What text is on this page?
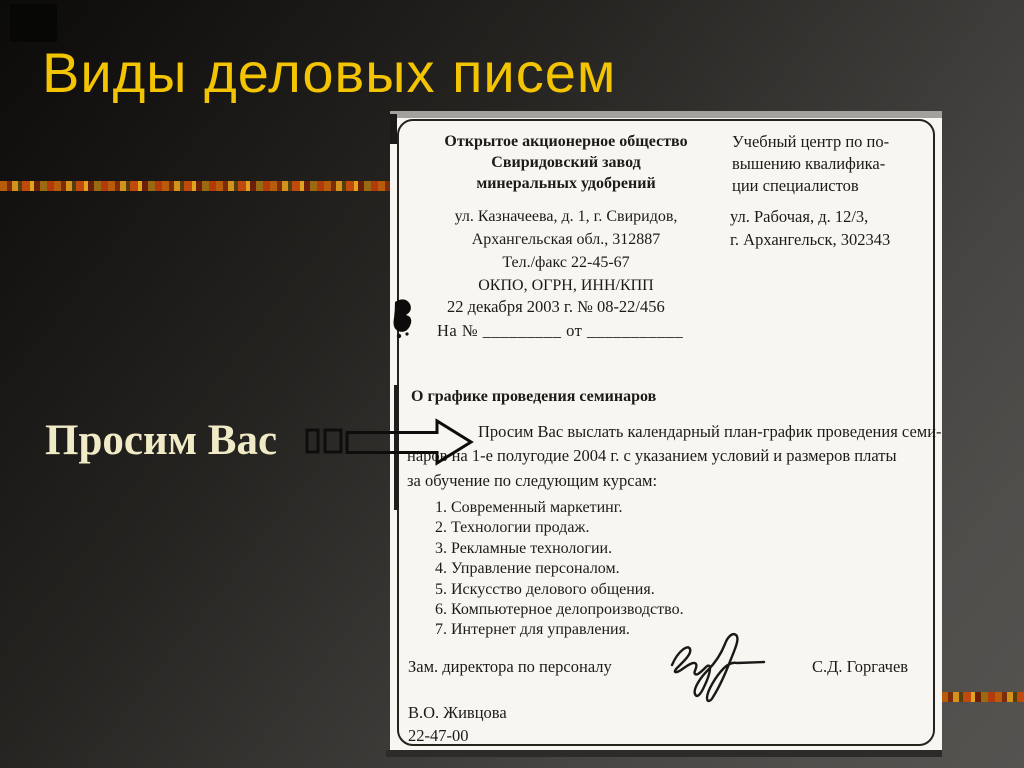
Виды деловых писем
Просим Вас
Открытое акционерное общество
Свиридовский завод
минеральных удобрений
Учебный центр по по-
вышению квалифика-
ции специалистов
ул. Казначеева, д. 1, г. Свиридов,
Архангельская обл., 312887
Тел./факс 22-45-67
ОКПО, ОГРН, ИНН/КПП
ул. Рабочая, д. 12/3,
г. Архангельск, 302343
22 декабря 2003 г. № 08-22/456
На № _________ от ___________
О графике проведения семинаров
Просим Вас выслать календарный план-график проведения семи-
наров на 1-е полугодие 2004 г. с указанием условий и размеров платы
за обучение по следующим курсам:
1. Современный маркетинг.
2. Технологии продаж.
3. Рекламные технологии.
4. Управление персоналом.
5. Искусство делового общения.
6. Компьютерное делопроизводство.
7. Интернет для управления.
Зам. директора по персоналу	С.Д. Горгачев
В.О. Живцова
22-47-00
